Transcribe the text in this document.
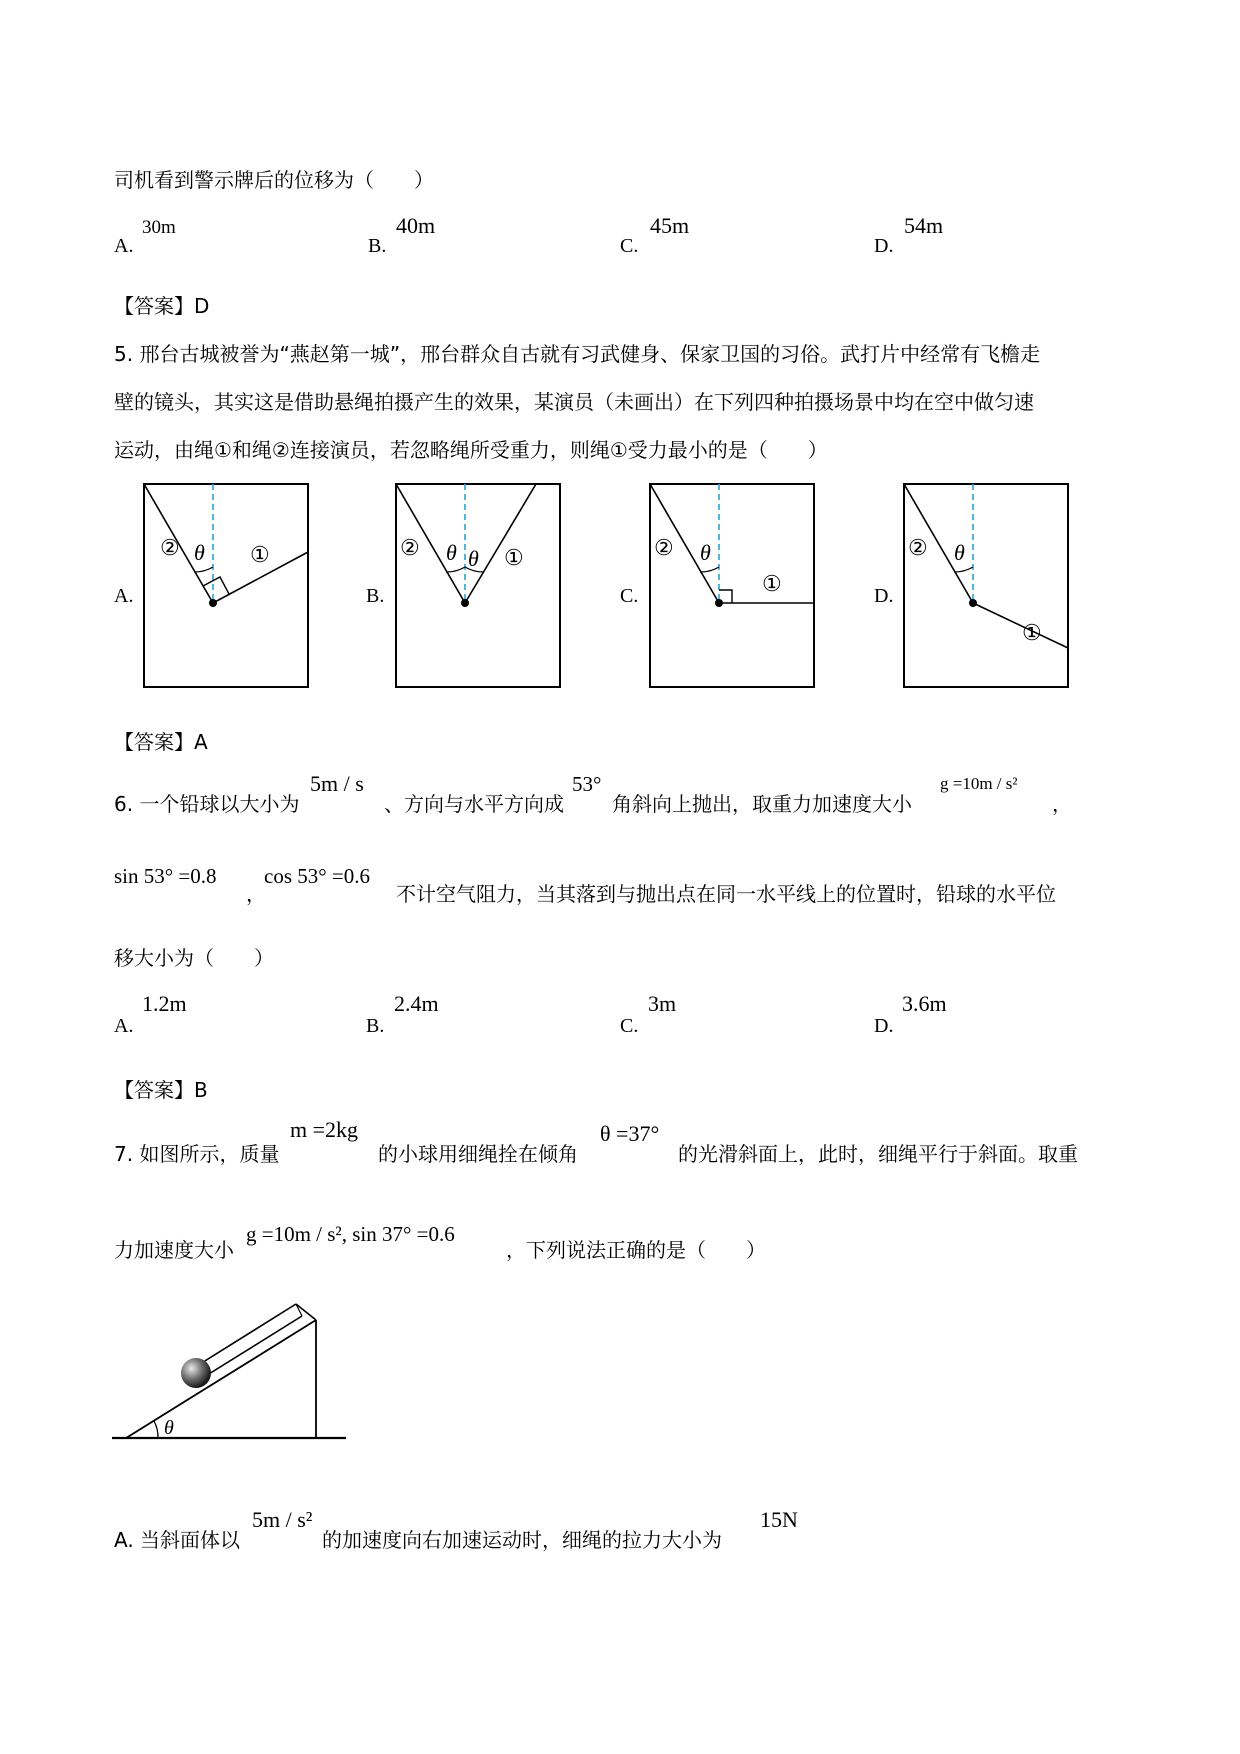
司机看到警示牌后的位移为（　　）
A.
30m
B.
40m
C.
45m
D.
54m
【答案】D
5. 邢台古城被誉为“燕赵第一城”，邢台群众自古就有习武健身、保家卫国的习俗。武打片中经常有飞檐走
壁的镜头，其实这是借助悬绳拍摄产生的效果，某演员（未画出）在下列四种拍摄场景中均在空中做匀速
运动，由绳①和绳②连接演员，若忽略绳所受重力，则绳①受力最小的是（　　）
A.
② θ ①
B.
② θ θ ①
C.
② θ
①	D.
② θ
①
【答案】A
6. 一个铅球以大小为
5m / s
、方向与水平方向成
53°
角斜向上抛出，取重力加速度大小
g =10m / s²
，
sin 53° =0.8
，
cos 53° =0.6
不计空气阻力，当其落到与抛出点在同一水平线上的位置时，铅球的水平位
移大小为（　　）
A.
1.2m
B.
2.4m
C.
3m
D.
3.6m
【答案】B
7. 如图所示，质量
m =2kg
的小球用细绳拴在倾角
θ =37°
的光滑斜面上，此时，细绳平行于斜面。取重
力加速度大小
g =10m / s², sin 37° =0.6
，下列说法正确的是（　　）
θ
A. 当斜面体以
5m / s²
的加速度向右加速运动时，细绳的拉力大小为
15N
